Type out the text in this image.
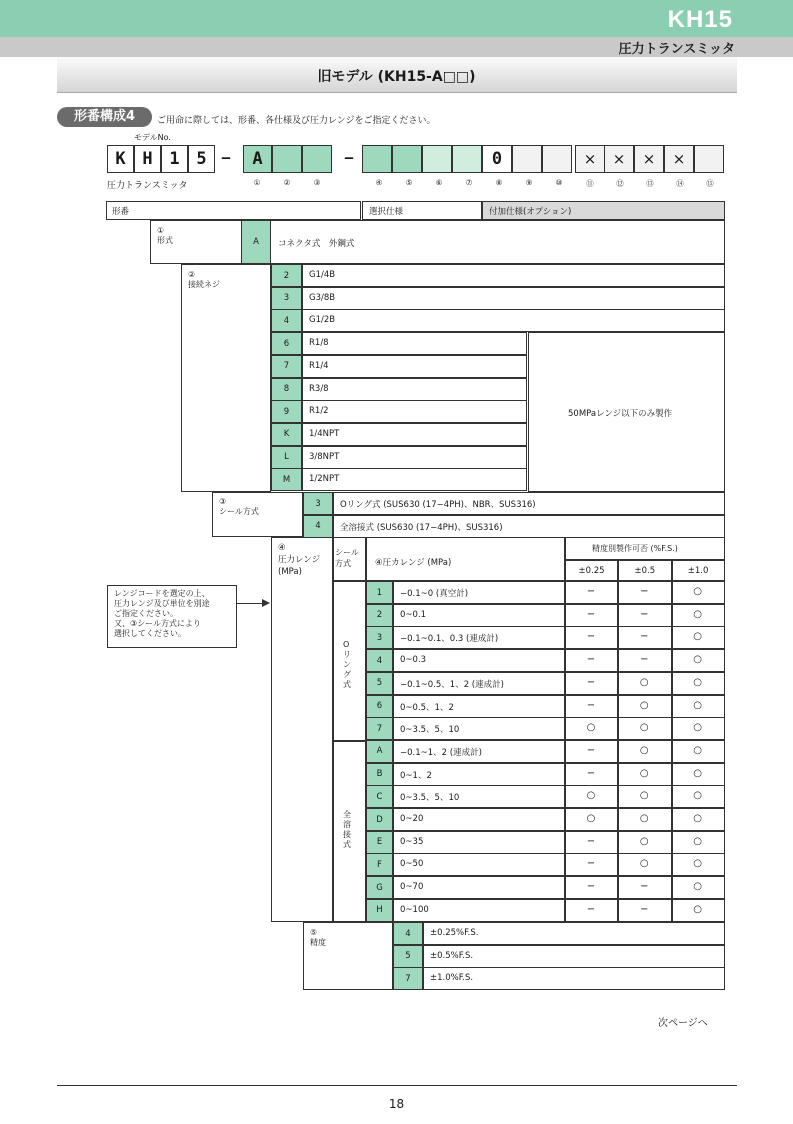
KH15
圧力トランスミッタ
旧モデル (KH15-A□□)
形番構成4	ご用命に際しては、形番、各仕様及び圧力レンジをご指定ください。
モデルNo.
K H 1 5	—	A	—	0	×	×	×	×
圧力トランスミッタ	①	②	③	④	⑤	⑥	⑦	⑧	⑨	⑩	⑪	⑫	⑬	⑭	⑮
形番	選択仕様	付加仕様(オプション)
①
形式	A	コネクタ式　外鋼式
②
接続ネジ
2	G1/4B
3	G3/8B
4	G1/2B
6	R1/8
7	R1/4
8	R3/8
9	R1/2
K	1/4NPT
L	3/8NPT
M	1/2NPT
50MPaレンジ以下のみ製作
③
シール方式
3	Oリング式 (SUS630 (17−4PH)、NBR、SUS316)
4	全溶接式 (SUS630 (17−4PH)、SUS316)
④
圧力レンジ
(MPa)
シール
方式	④圧カレンジ (MPa)
精度別製作可否 (%F.S.)
±0.25	±0.5	±1.0
Oリング式
全溶接式
1	−0.1~0 (真空計)	−	−	○
2	0~0.1	−	−	○
3	−0.1~0.1、0.3 (連成計)	−	−	○
4	0~0.3	−	−	○
5	−0.1~0.5、1、2 (連成計)	−	○	○
6	0~0.5、1、2	−	○	○
7	0~3.5、5、10	○	○	○
A	−0.1~1、2 (連成計)	−	○	○
B	0~1、2	−	○	○
C	0~3.5、5、10	○	○	○
D	0~20	○	○	○
E	0~35	−	○	○
F	0~50	−	○	○
G	0~70	−	−	○
H	0~100	−	−	○
⑤
精度
4	±0.25%F.S.
5	±0.5%F.S.
7	±1.0%F.S.
レンジコードを選定の上、
圧力レンジ及び単位を別途
ご指定ください。
又、③シール方式により
選択してください。
次ページへ
18
